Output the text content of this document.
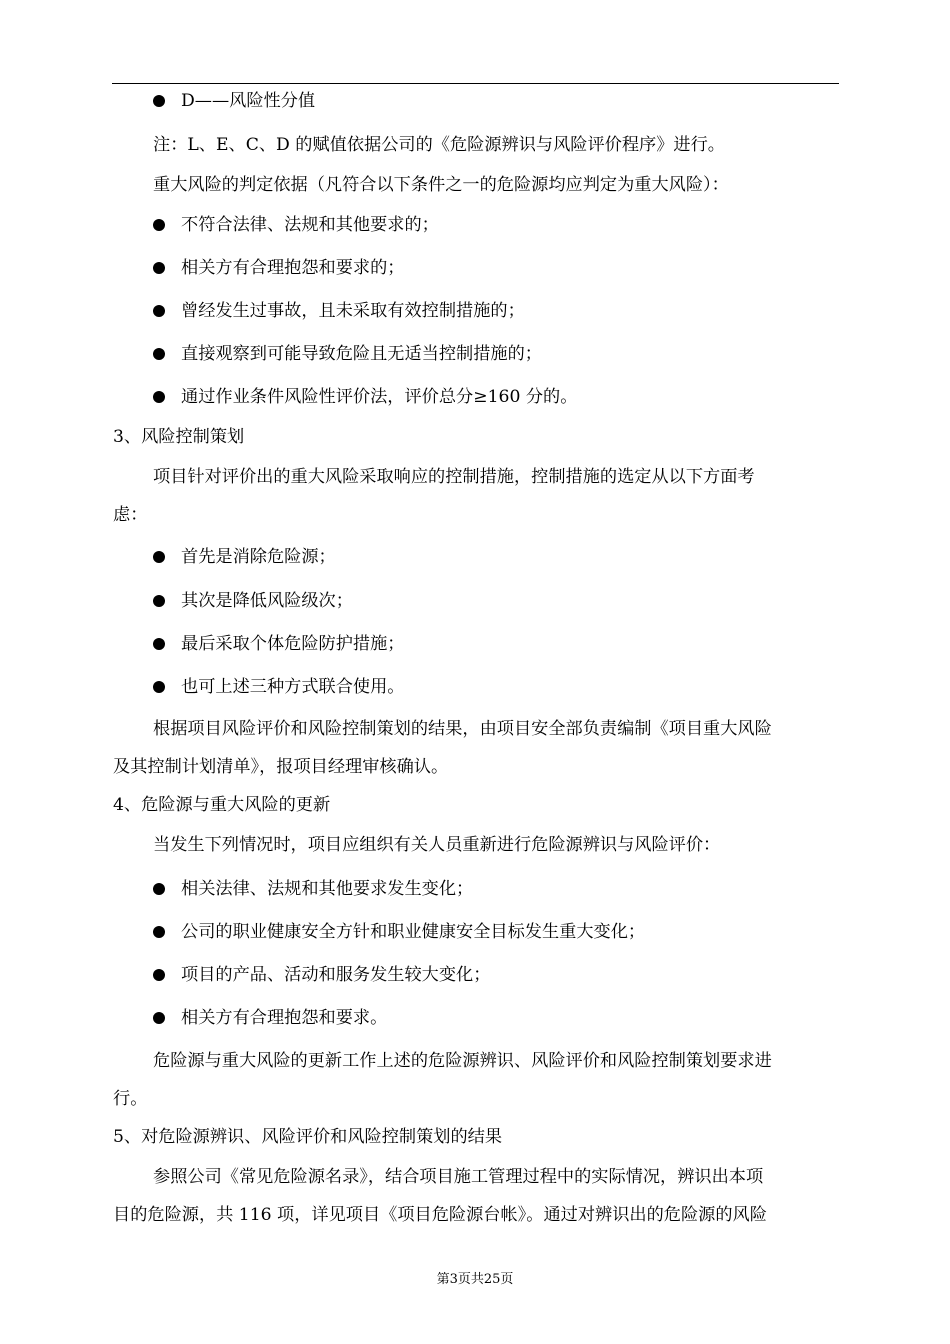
D——风险性分值
注：L、E、C、D 的赋值依据公司的《危险源辨识与风险评价程序》进行。
重大风险的判定依据（凡符合以下条件之一的危险源均应判定为重大风险）：
不符合法律、法规和其他要求的；
相关方有合理抱怨和要求的；
曾经发生过事故，且未采取有效控制措施的；
直接观察到可能导致危险且无适当控制措施的；
通过作业条件风险性评价法，评价总分≥160 分的。
3、风险控制策划
项目针对评价出的重大风险采取响应的控制措施，控制措施的选定从以下方面考
虑：
首先是消除危险源；
其次是降低风险级次；
最后采取个体危险防护措施；
也可上述三种方式联合使用。
根据项目风险评价和风险控制策划的结果，由项目安全部负责编制《项目重大风险
及其控制计划清单》，报项目经理审核确认。
4、危险源与重大风险的更新
当发生下列情况时，项目应组织有关人员重新进行危险源辨识与风险评价：
相关法律、法规和其他要求发生变化；
公司的职业健康安全方针和职业健康安全目标发生重大变化；
项目的产品、活动和服务发生较大变化；
相关方有合理抱怨和要求。
危险源与重大风险的更新工作上述的危险源辨识、风险评价和风险控制策划要求进
行。
5、对危险源辨识、风险评价和风险控制策划的结果
参照公司《常见危险源名录》，结合项目施工管理过程中的实际情况，辨识出本项
目的危险源，共 116 项，详见项目《项目危险源台帐》。通过对辨识出的危险源的风险
第3页共25页
